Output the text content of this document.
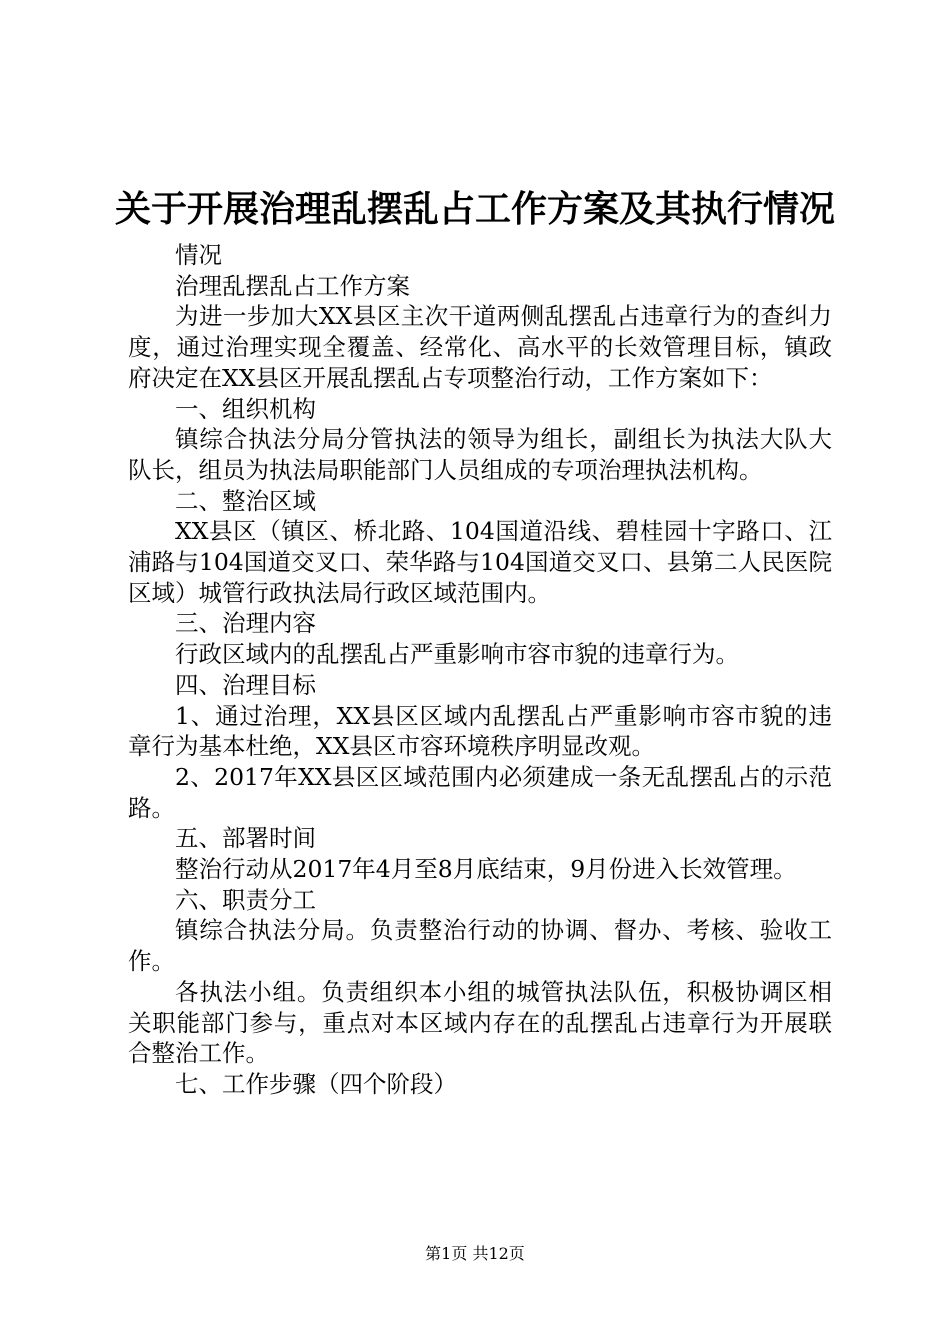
关于开展治理乱摆乱占工作方案及其执行情况

情况

治理乱摆乱占工作方案

为进一步加大XX县区主次干道两侧乱摆乱占违章行为的查纠力度，通过治理实现全覆盖、经常化、高水平的长效管理目标，镇政府决定在XX县区开展乱摆乱占专项整治行动，工作方案如下：

一、组织机构

镇综合执法分局分管执法的领导为组长，副组长为执法大队大队长，组员为执法局职能部门人员组成的专项治理执法机构。

二、整治区域

XX县区（镇区、桥北路、104国道沿线、碧桂园十字路口、江浦路与104国道交叉口、荣华路与104国道交叉口、县第二人民医院区域）城管行政执法局行政区域范围内。

三、治理内容

行政区域内的乱摆乱占严重影响市容市貌的违章行为。

四、治理目标

1、通过治理，XX县区区域内乱摆乱占严重影响市容市貌的违章行为基本杜绝，XX县区市容环境秩序明显改观。

2、2017年XX县区区域范围内必须建成一条无乱摆乱占的示范路。

五、部署时间

整治行动从2017年4月至8月底结束，9月份进入长效管理。

六、职责分工

镇综合执法分局。负责整治行动的协调、督办、考核、验收工作。

各执法小组。负责组织本小组的城管执法队伍，积极协调区相关职能部门参与，重点对本区域内存在的乱摆乱占违章行为开展联合整治工作。

七、工作步骤（四个阶段）

第1页 共12页
